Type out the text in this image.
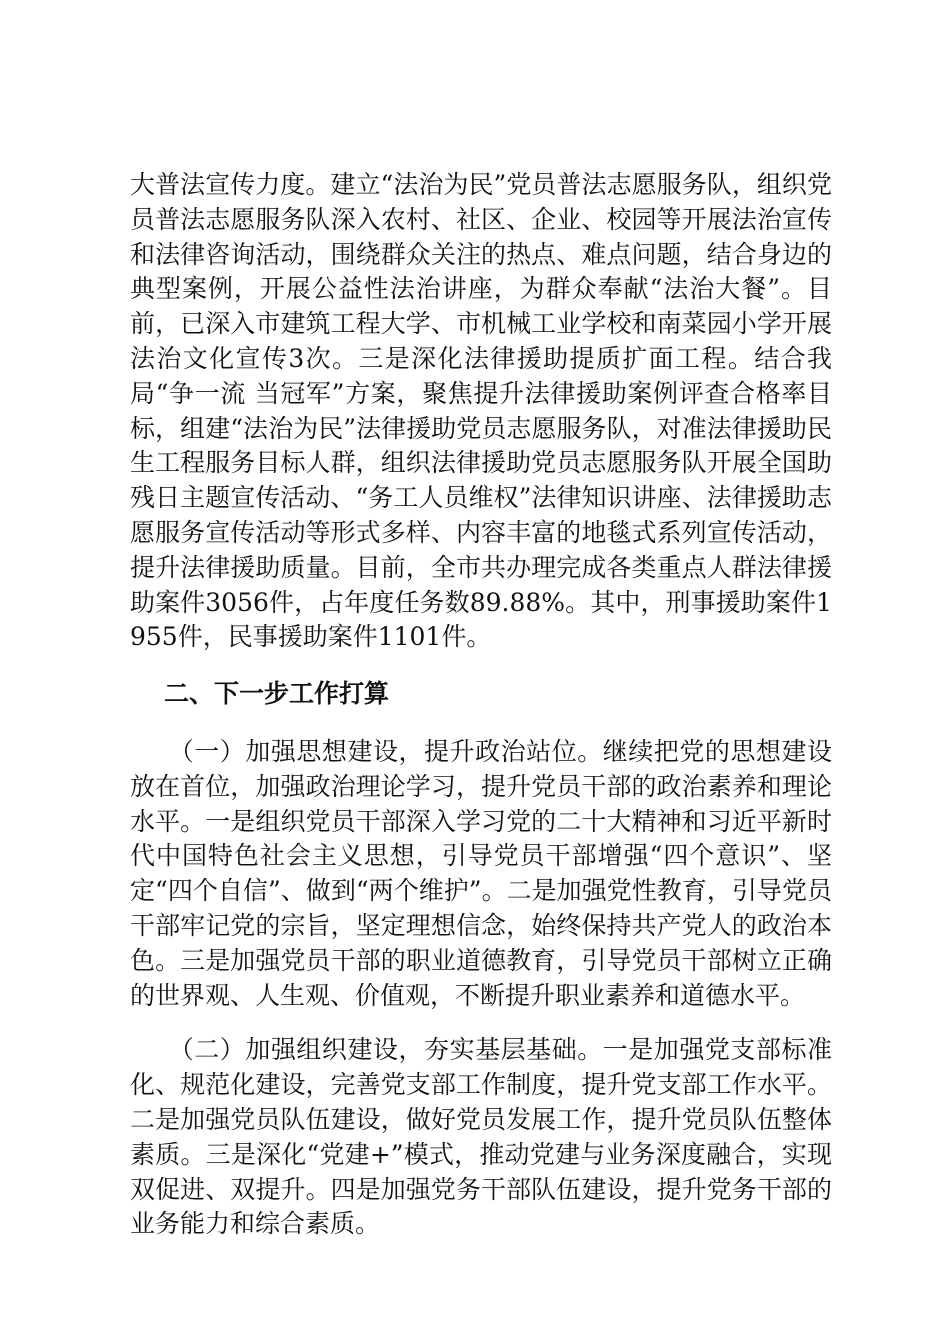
大普法宣传力度。建立“法治为民”党员普法志愿服务队，组织党员普法志愿服务队深入农村、社区、企业、校园等开展法治宣传和法律咨询活动，围绕群众关注的热点、难点问题，结合身边的典型案例，开展公益性法治讲座，为群众奉献“法治大餐”。目前，已深入市建筑工程大学、市机械工业学校和南菜园小学开展法治文化宣传3次。三是深化法律援助提质扩面工程。结合我局“争一流 当冠军”方案，聚焦提升法律援助案例评查合格率目标，组建“法治为民”法律援助党员志愿服务队，对准法律援助民生工程服务目标人群，组织法律援助党员志愿服务队开展全国助残日主题宣传活动、“务工人员维权”法律知识讲座、法律援助志愿服务宣传活动等形式多样、内容丰富的地毯式系列宣传活动，提升法律援助质量。目前，全市共办理完成各类重点人群法律援助案件3056件，占年度任务数89.88%。其中，刑事援助案件1955件，民事援助案件1101件。

二、下一步工作打算

（一）加强思想建设，提升政治站位。继续把党的思想建设放在首位，加强政治理论学习，提升党员干部的政治素养和理论水平。一是组织党员干部深入学习党的二十大精神和习近平新时代中国特色社会主义思想，引导党员干部增强“四个意识”、坚定“四个自信”、做到“两个维护”。二是加强党性教育，引导党员干部牢记党的宗旨，坚定理想信念，始终保持共产党人的政治本色。三是加强党员干部的职业道德教育，引导党员干部树立正确的世界观、人生观、价值观，不断提升职业素养和道德水平。

（二）加强组织建设，夯实基层基础。一是加强党支部标准化、规范化建设，完善党支部工作制度，提升党支部工作水平。二是加强党员队伍建设，做好党员发展工作，提升党员队伍整体素质。三是深化“党建+”模式，推动党建与业务深度融合，实现双促进、双提升。四是加强党务干部队伍建设，提升党务干部的业务能力和综合素质。
